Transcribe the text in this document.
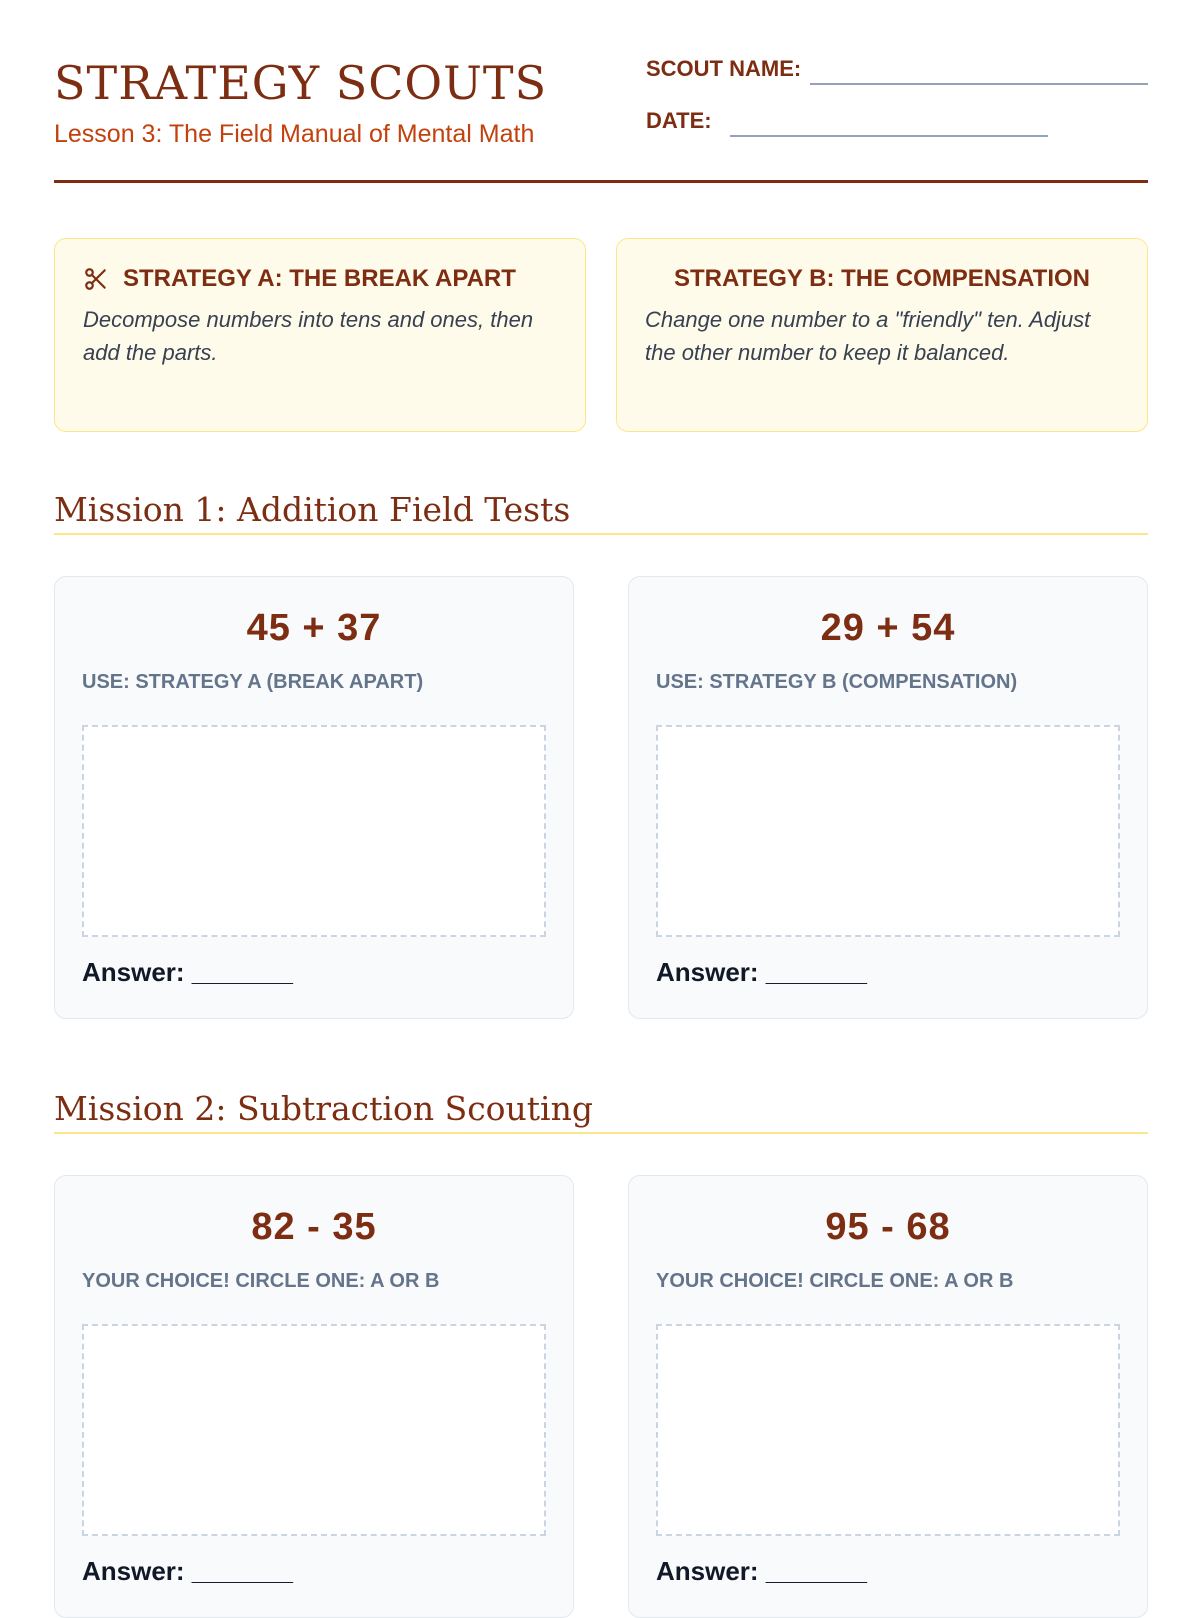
STRATEGY SCOUTS
Lesson 3: The Field Manual of Mental Math
SCOUT NAME:
DATE:
STRATEGY A: THE BREAK APART
Decompose numbers into tens and ones, then add the parts.
STRATEGY B: THE COMPENSATION
Change one number to a "friendly" ten. Adjust the other number to keep it balanced.
Mission 1: Addition Field Tests
45 + 37
USE: STRATEGY A (BREAK APART)
Answer: _______
29 + 54
USE: STRATEGY B (COMPENSATION)
Answer: _______
Mission 2: Subtraction Scouting
82 - 35
YOUR CHOICE! CIRCLE ONE: A OR B
Answer: _______
95 - 68
YOUR CHOICE! CIRCLE ONE: A OR B
Answer: _______
